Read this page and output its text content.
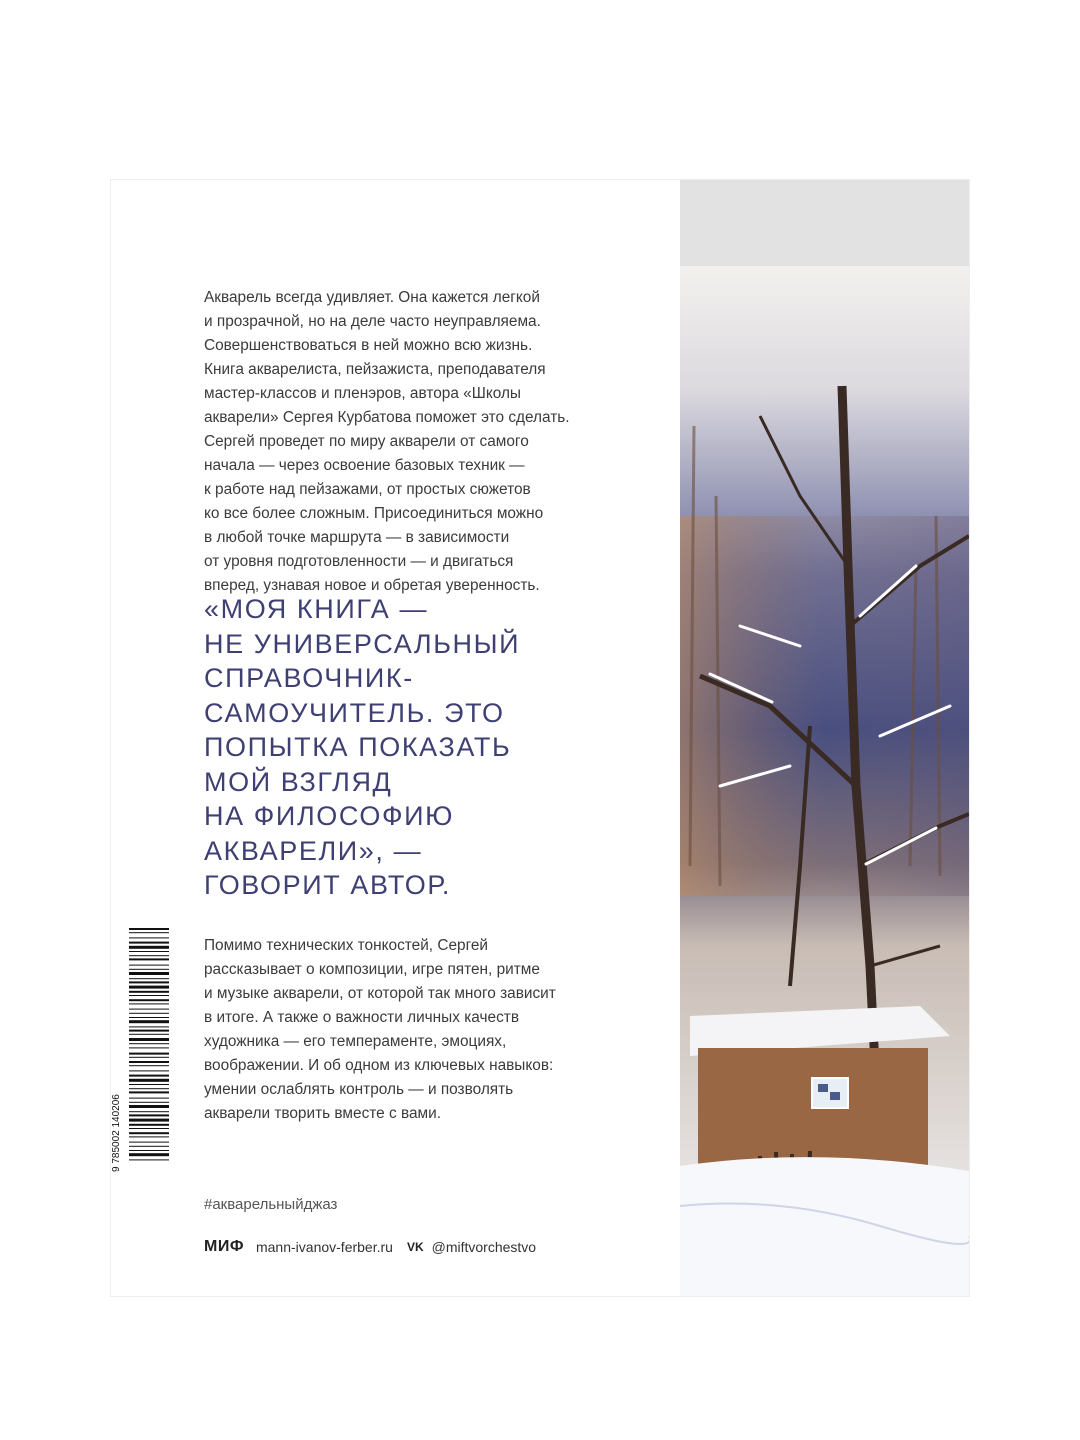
Акварель всегда удивляет. Она кажется легкой
и прозрачной, но на деле часто неуправляема.
Совершенствоваться в ней можно всю жизнь.
Книга акварелиста, пейзажиста, преподавателя
мастер-классов и пленэров, автора «Школы
акварели» Сергея Курбатова поможет это сделать.
Сергей проведет по миру акварели от самого
начала — через освоение базовых техник —
к работе над пейзажами, от простых сюжетов
ко все более сложным. Присоединиться можно
в любой точке маршрута — в зависимости
от уровня подготовленности — и двигаться
вперед, узнавая новое и обретая уверенность.

«МОЯ КНИГА —
НЕ УНИВЕРСАЛЬНЫЙ
СПРАВОЧНИК-
САМОУЧИТЕЛЬ. ЭТО
ПОПЫТКА ПОКАЗАТЬ
МОЙ ВЗГЛЯД
НА ФИЛОСОФИЮ
АКВАРЕЛИ», —
ГОВОРИТ АВТОР.

Помимо технических тонкостей, Сергей
рассказывает о композиции, игре пятен, ритме
и музыке акварели, от которой так много зависит
в итоге. А также о важности личных качеств
художника — его темпераменте, эмоциях,
воображении. И об одном из ключевых навыков:
умении ослаблять контроль — и позволять
акварели творить вместе с вами.

9 785002 140206

#акварельныйджаз

МИФ mann-ivanov-ferber.ru VK @miftvorchestvo
